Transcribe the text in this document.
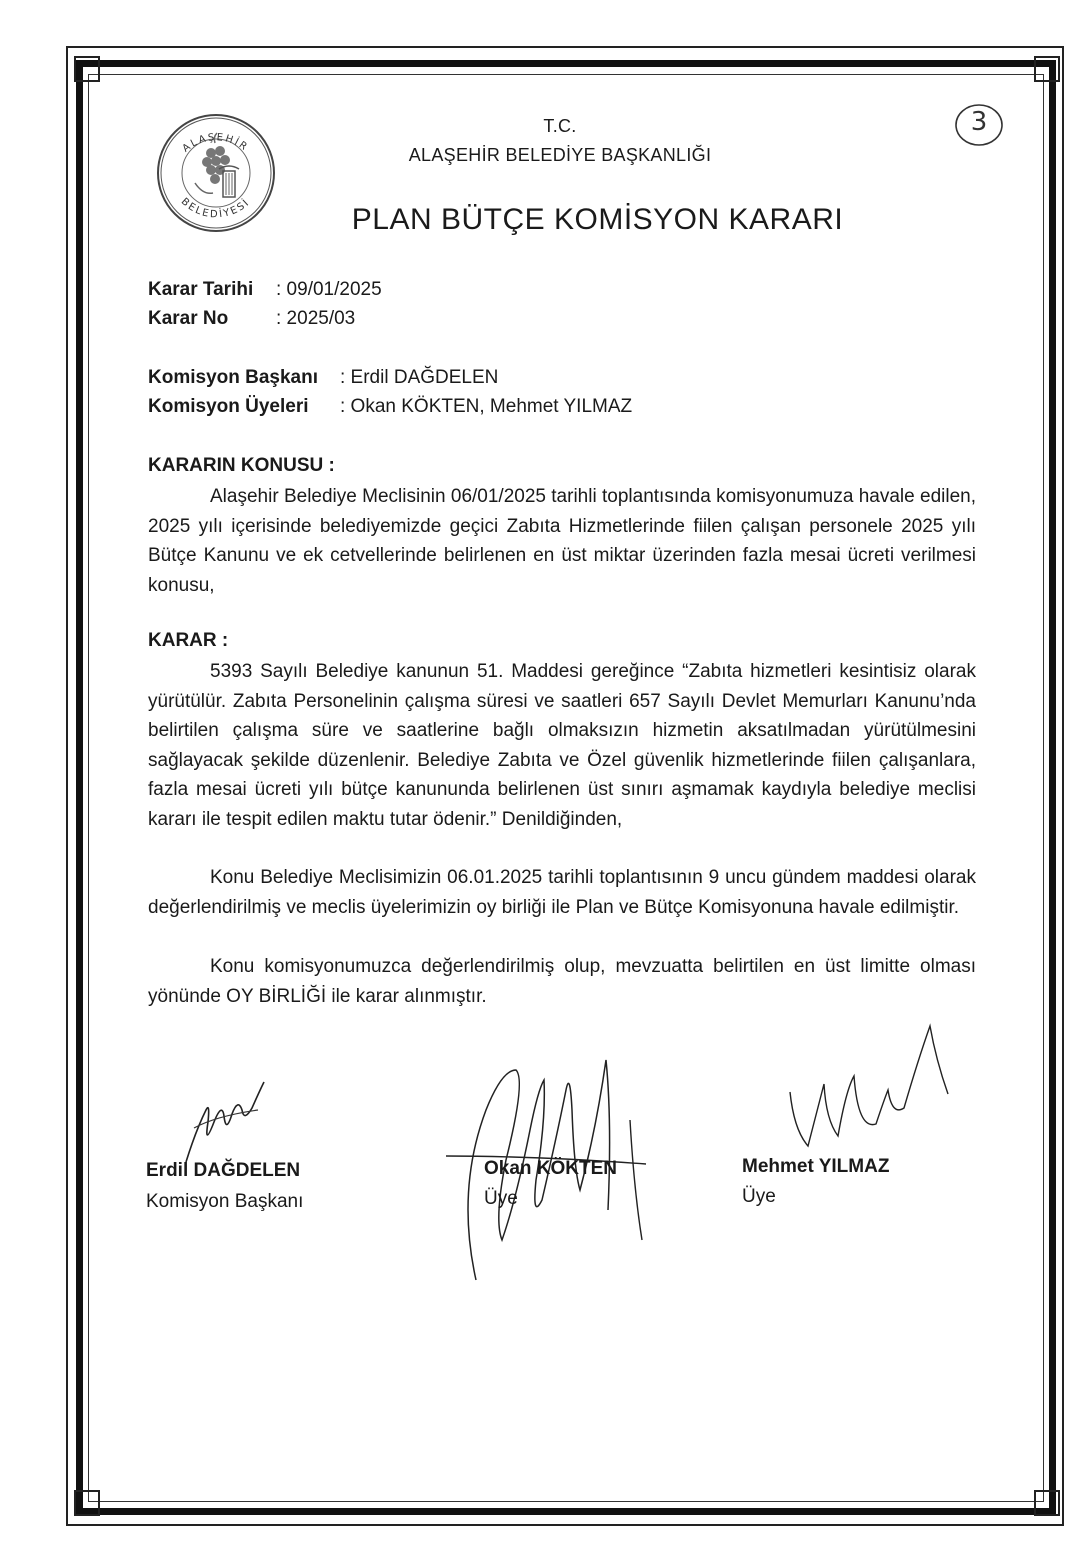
ALAŞEHİR
BELEDİYESİ
3
T.C.
ALAŞEHİR BELEDİYE BAŞKANLIĞI
PLAN BÜTÇE KOMİSYON KARARI
Karar Tarihi : 09/01/2025
Karar No	: 2025/03
Komisyon Başkanı : Erdil DAĞDELEN
Komisyon Üyeleri : Okan KÖKTEN, Mehmet YILMAZ
KARARIN KONUSU :

Alaşehir Belediye Meclisinin 06/01/2025 tarihli toplantısında komisyonumuza havale edilen, 2025 yılı içerisinde belediyemizde geçici Zabıta Hizmetlerinde fiilen çalışan personele 2025 yılı Bütçe Kanunu ve ek cetvellerinde belirlenen en üst miktar üzerinden fazla mesai ücreti verilmesi konusu,

KARAR :

5393 Sayılı Belediye kanunun 51. Maddesi gereğince “Zabıta hizmetleri kesintisiz olarak yürütülür. Zabıta Personelinin çalışma süresi ve saatleri 657 Sayılı Devlet Memurları Kanunu’nda belirtilen çalışma süre ve saatlerine bağlı olmaksızın hizmetin aksatılmadan yürütülmesini sağlayacak şekilde düzenlenir. Belediye Zabıta ve Özel güvenlik hizmetlerinde fiilen çalışanlara, fazla mesai ücreti yılı bütçe kanununda belirlenen üst sınırı aşmamak kaydıyla belediye meclisi kararı ile tespit edilen maktu tutar ödenir.” Denildiğinden,

Konu Belediye Meclisimizin 06.01.2025 tarihli toplantısının 9 uncu gündem maddesi olarak değerlendirilmiş ve meclis üyelerimizin oy birliği ile Plan ve Bütçe Komisyonuna havale edilmiştir.

Konu komisyonumuzca değerlendirilmiş olup, mevzuatta belirtilen en üst limitte olması yönünde OY BİRLİĞİ ile karar alınmıştır.

Erdil DAĞDELEN
Komisyon Başkanı
Okan KÖKTEN
Üye
Mehmet YILMAZ
Üye
